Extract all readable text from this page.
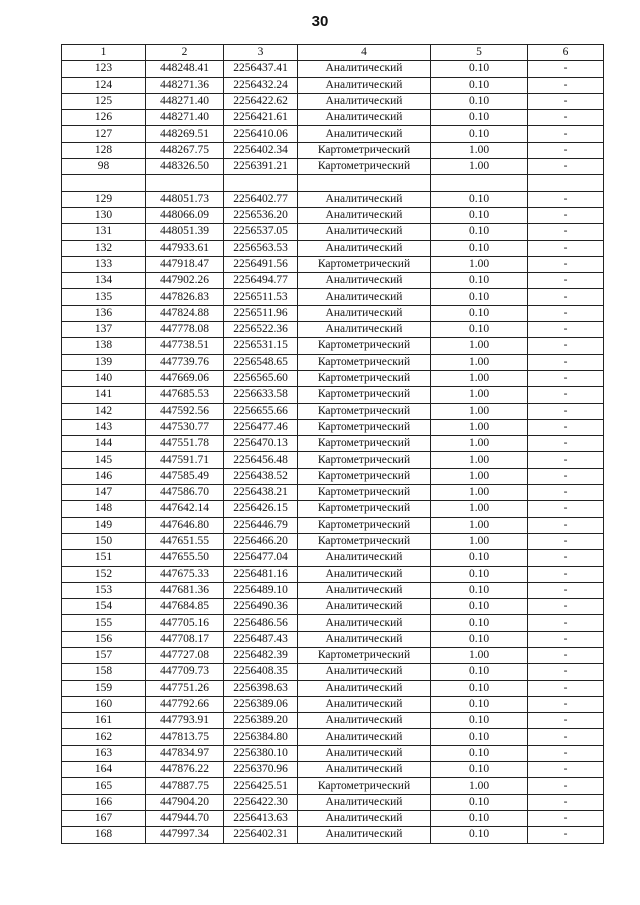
30
1	2	3	4	5	6
123	448248.41	2256437.41	Аналитический	0.10	-
124	448271.36	2256432.24	Аналитический	0.10	-
125	448271.40	2256422.62	Аналитический	0.10	-
126	448271.40	2256421.61	Аналитический	0.10	-
127	448269.51	2256410.06	Аналитический	0.10	-
128	448267.75	2256402.34	Картометрический	1.00	-
98	448326.50	2256391.21	Картометрический	1.00	-

129	448051.73	2256402.77	Аналитический	0.10	-
130	448066.09	2256536.20	Аналитический	0.10	-
131	448051.39	2256537.05	Аналитический	0.10	-
132	447933.61	2256563.53	Аналитический	0.10	-
133	447918.47	2256491.56	Картометрический	1.00	-
134	447902.26	2256494.77	Аналитический	0.10	-
135	447826.83	2256511.53	Аналитический	0.10	-
136	447824.88	2256511.96	Аналитический	0.10	-
137	447778.08	2256522.36	Аналитический	0.10	-
138	447738.51	2256531.15	Картометрический	1.00	-
139	447739.76	2256548.65	Картометрический	1.00	-
140	447669.06	2256565.60	Картометрический	1.00	-
141	447685.53	2256633.58	Картометрический	1.00	-
142	447592.56	2256655.66	Картометрический	1.00	-
143	447530.77	2256477.46	Картометрический	1.00	-
144	447551.78	2256470.13	Картометрический	1.00	-
145	447591.71	2256456.48	Картометрический	1.00	-
146	447585.49	2256438.52	Картометрический	1.00	-
147	447586.70	2256438.21	Картометрический	1.00	-
148	447642.14	2256426.15	Картометрический	1.00	-
149	447646.80	2256446.79	Картометрический	1.00	-
150	447651.55	2256466.20	Картометрический	1.00	-
151	447655.50	2256477.04	Аналитический	0.10	-
152	447675.33	2256481.16	Аналитический	0.10	-
153	447681.36	2256489.10	Аналитический	0.10	-
154	447684.85	2256490.36	Аналитический	0.10	-
155	447705.16	2256486.56	Аналитический	0.10	-
156	447708.17	2256487.43	Аналитический	0.10	-
157	447727.08	2256482.39	Картометрический	1.00	-
158	447709.73	2256408.35	Аналитический	0.10	-
159	447751.26	2256398.63	Аналитический	0.10	-
160	447792.66	2256389.06	Аналитический	0.10	-
161	447793.91	2256389.20	Аналитический	0.10	-
162	447813.75	2256384.80	Аналитический	0.10	-
163	447834.97	2256380.10	Аналитический	0.10	-
164	447876.22	2256370.96	Аналитический	0.10	-
165	447887.75	2256425.51	Картометрический	1.00	-
166	447904.20	2256422.30	Аналитический	0.10	-
167	447944.70	2256413.63	Аналитический	0.10	-
168	447997.34	2256402.31	Аналитический	0.10	-
